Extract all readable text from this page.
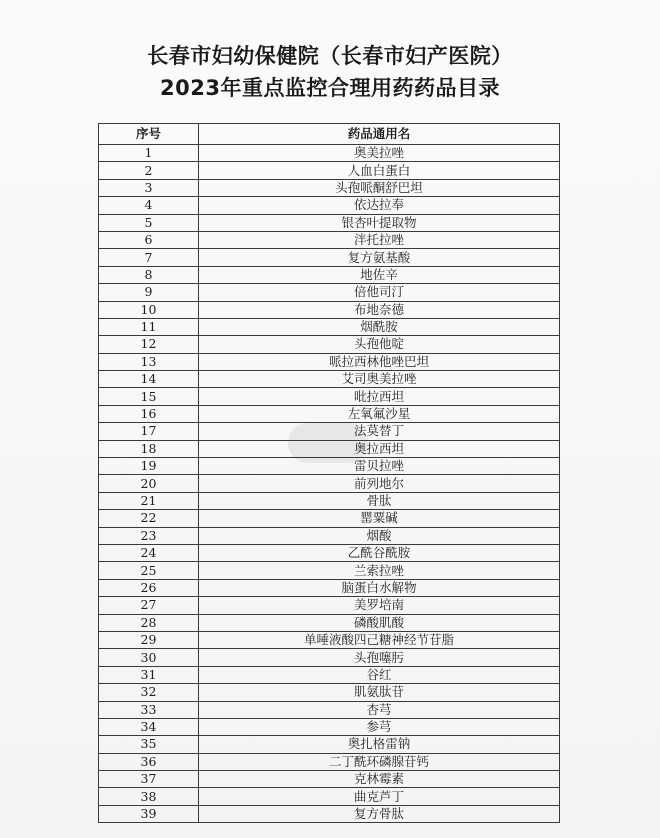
长春市妇幼保健院（长春市妇产医院）
2023年重点监控合理用药药品目录
序号	药品通用名
1	奥美拉唑
2	人血白蛋白
3	头孢哌酮舒巴坦
4	依达拉奉
5	银杏叶提取物
6	泮托拉唑
7	复方氨基酸
8	地佐辛
9	倍他司汀
10	布地奈德
11	烟酰胺
12	头孢他啶
13	哌拉西林他唑巴坦
14	艾司奥美拉唑
15	吡拉西坦
16	左氧氟沙星
17	法莫替丁
18	奥拉西坦
19	雷贝拉唑
20	前列地尔
21	骨肽
22	罂粟碱
23	烟酸
24	乙酰谷酰胺
25	兰索拉唑
26	脑蛋白水解物
27	美罗培南
28	磷酸肌酸
29	单唾液酸四己糖神经节苷脂
30	头孢噻肟
31	谷红
32	肌氨肽苷
33	杏芎
34	参芎
35	奥扎格雷钠
36	二丁酰环磷腺苷钙
37	克林霉素
38	曲克芦丁
39	复方骨肽
